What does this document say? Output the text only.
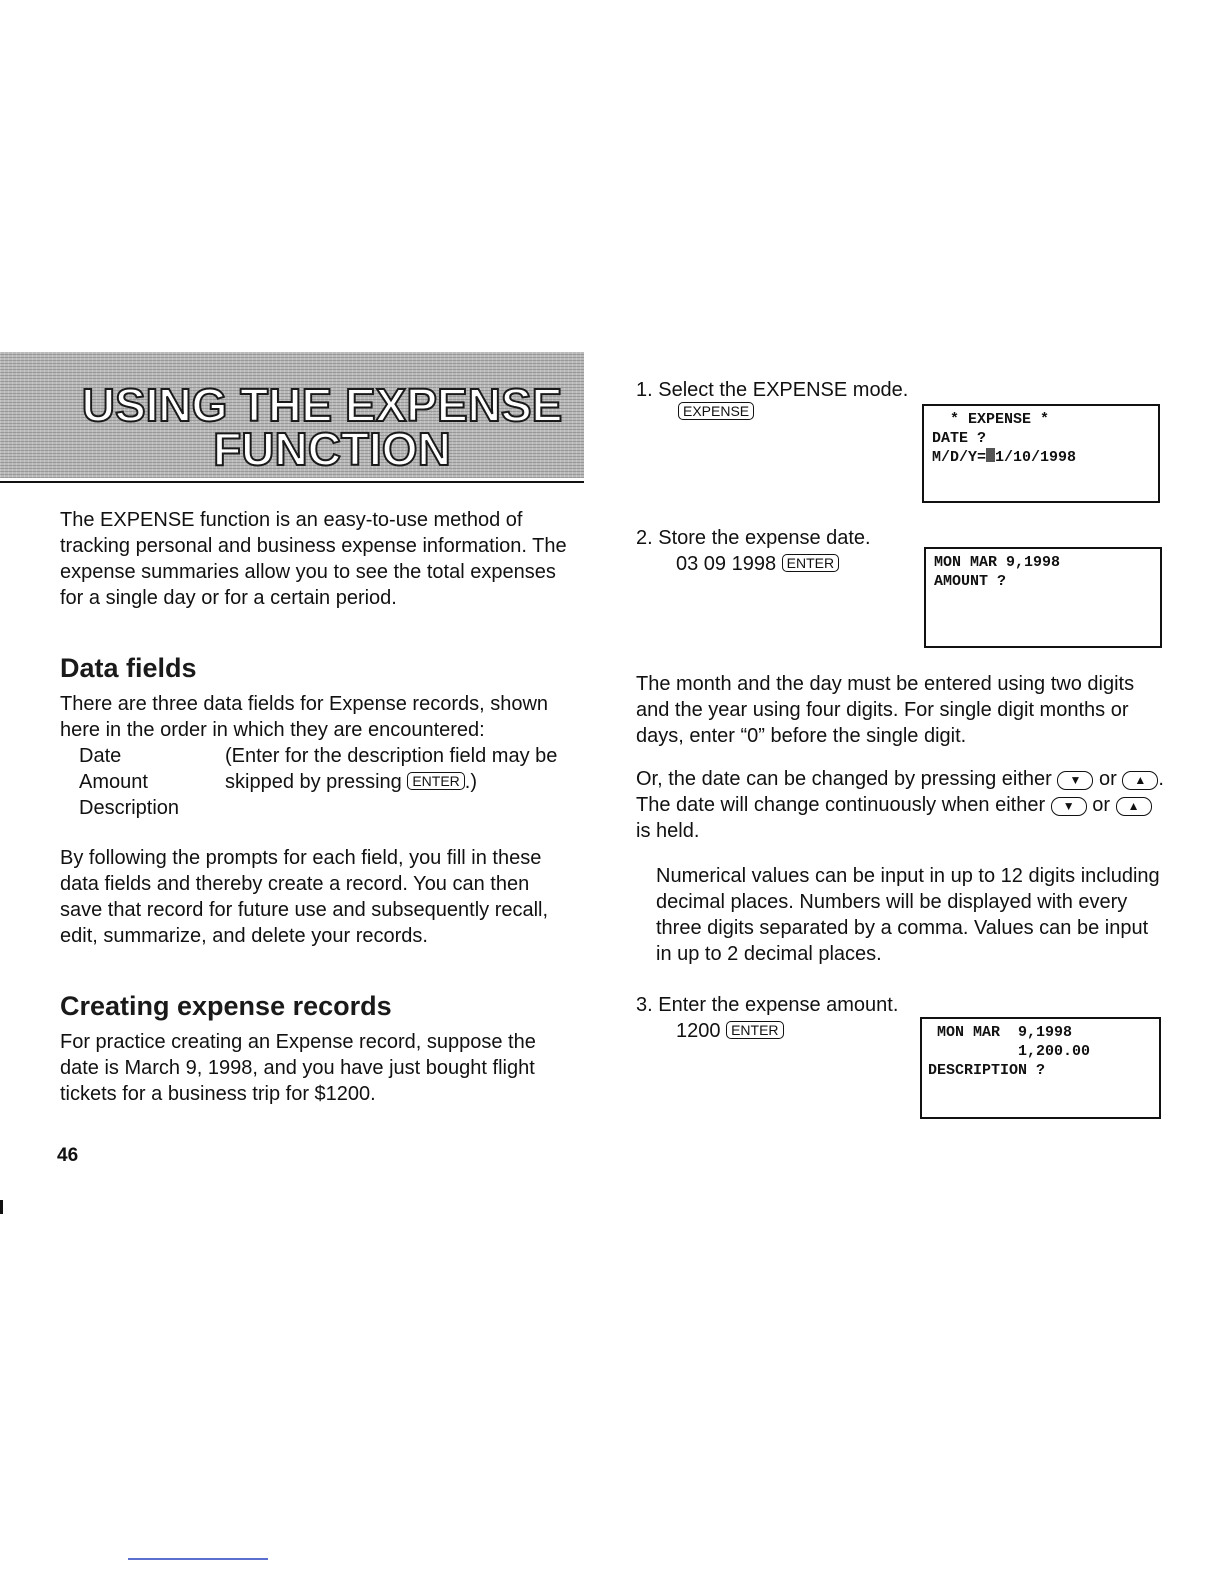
USING THE EXPENSE
FUNCTION
The EXPENSE function is an easy-to-use method of tracking personal and business expense information. The expense summaries allow you to see the total expenses for a single day or for a certain period.
Data fields
There are three data fields for Expense records, shown here in the order in which they are encountered:
Date
Amount
Description
(Enter for the description field may be
skipped by pressing ENTER .)
By following the prompts for each field, you fill in these data fields and thereby create a record. You can then save that record for future use and subsequently recall, edit, summarize, and delete your records.
Creating expense records
For practice creating an Expense record, suppose the date is March 9, 1998, and you have just bought flight tickets for a business trip for $1200.
46
1. Select the EXPENSE mode.
EXPENSE	* EXPENSE *
DATE ?
M/D/Y= 1/10/1998
2. Store the expense date.
03 09 1998 ENTER	MON MAR 9,1998
AMOUNT ?
The month and the day must be entered using two digits and the year using four digits. For single digit months or days, enter “0” before the single digit.
Or, the date can be changed by pressing either ▼ or ▲ . The date will change continuously when either ▼ or ▲ is held.
Numerical values can be input in up to 12 digits including decimal places. Numbers will be displayed with every three digits separated by a comma. Values can be input in up to 2 decimal places.
3. Enter the expense amount.
1200 ENTER	MON MAR  9,1998
1,200.00
DESCRIPTION ?
